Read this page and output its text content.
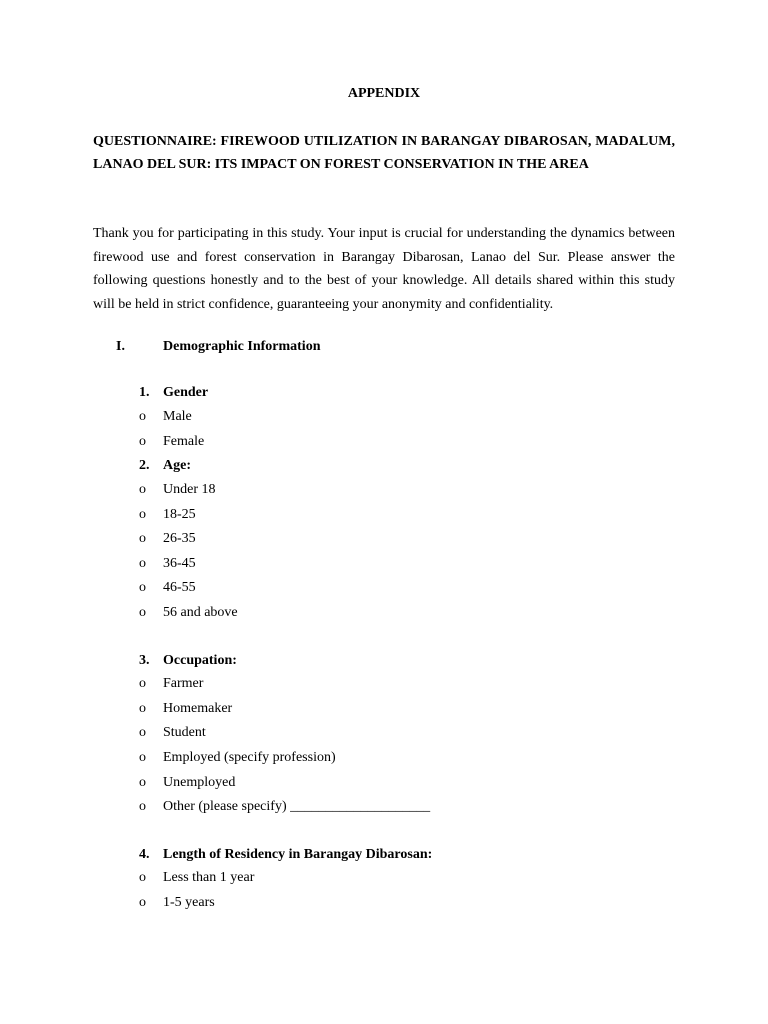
APPENDIX

QUESTIONNAIRE: FIREWOOD UTILIZATION IN BARANGAY DIBAROSAN, MADALUM, LANAO DEL SUR: ITS IMPACT ON FOREST CONSERVATION IN THE AREA

Thank you for participating in this study. Your input is crucial for understanding the dynamics between firewood use and forest conservation in Barangay Dibarosan, Lanao del Sur. Please answer the following questions honestly and to the best of your knowledge. All details shared within this study will be held in strict confidence, guaranteeing your anonymity and confidentiality.

I.	Demographic Information
1. Gender
o Male
o Female
2. Age:
o Under 18
o 18-25
o 26-35
o 36-45
o 46-55
o 56 and above
3. Occupation:
o Farmer
o Homemaker
o Student
o Employed (specify profession)
o Unemployed
o Other (please specify) ____________________
4. Length of Residency in Barangay Dibarosan:
o Less than 1 year
o 1-5 years
